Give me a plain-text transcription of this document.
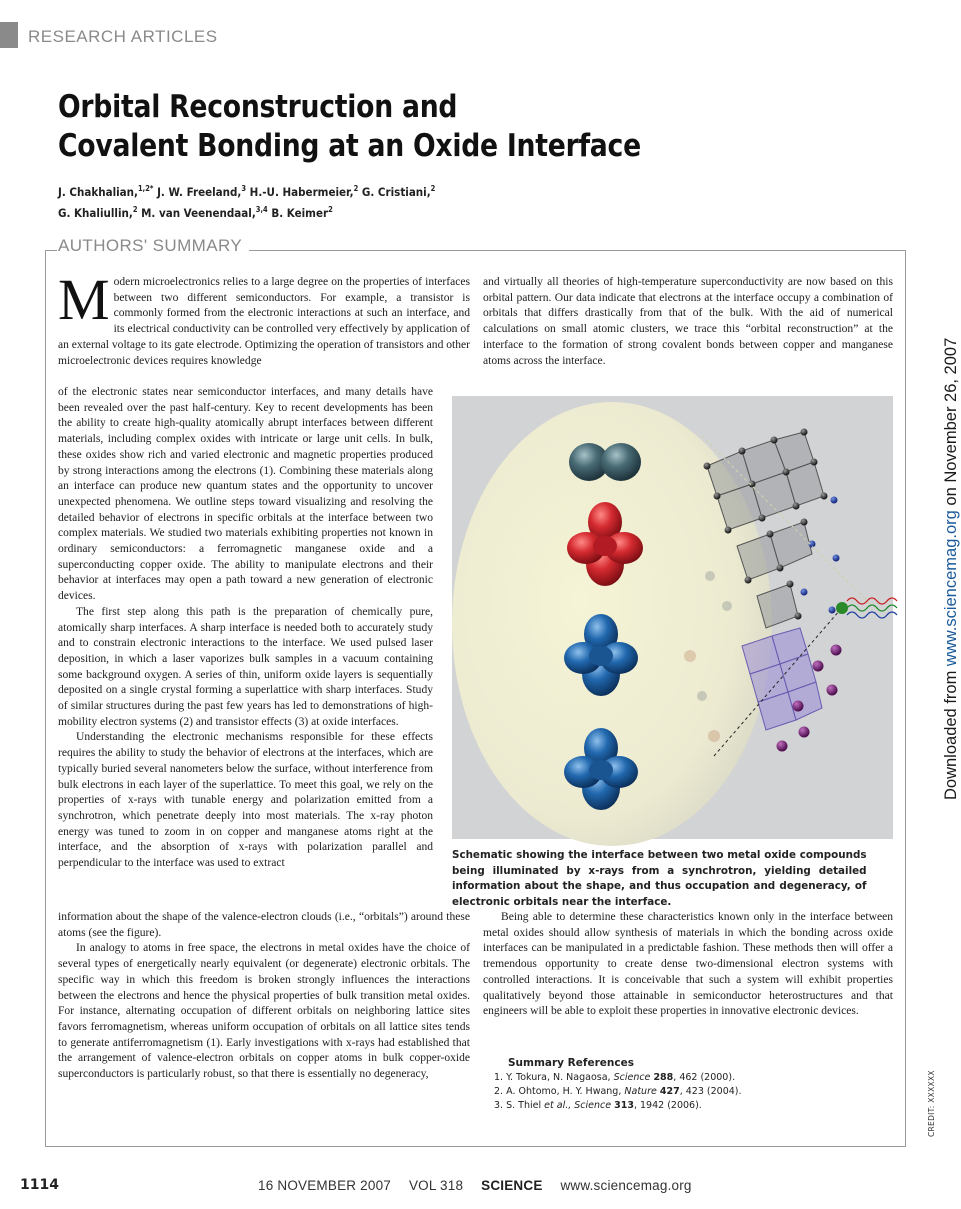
RESEARCH ARTICLES
Orbital Reconstruction and
Covalent Bonding at an Oxide Interface
J. Chakhalian,$^{1,2*}$ J. W. Freeland,$^3$ H.-U. Habermeier,$^2$ G. Cristiani,$^2$
G. Khaliullin,$^2$ M. van Veenendaal,$^{3,4}$ B. Keimer$^2$
AUTHORS' SUMMARY
Modern microelectronics relies to a large degree on the properties of interfaces between two different semiconductors. For example, a transistor is commonly formed from the electronic interactions at such an interface, and its electrical conductivity can be controlled very effectively by application of an external voltage to its gate electrode. Optimizing the operation of transistors and other microelectronic devices requires knowledge

of the electronic states near semiconductor interfaces, and many details have been revealed over the past half-century. Key to recent developments has been the ability to create high-quality atomically abrupt interfaces between different materials, including complex oxides with intricate or large unit cells. In bulk, these oxides show rich and varied electronic and magnetic properties produced by strong interactions among the electrons (1). Combining these materials along an interface can produce new quantum states and the opportunity to uncover unexpected phenomena. We outline steps toward visualizing and resolving the detailed behavior of electrons in specific orbitals at the interface between two complex materials. We studied two materials exhibiting properties not known in ordinary semiconductors: a ferromagnetic manganese oxide and a superconducting copper oxide. The ability to manipulate electrons and their behavior at interfaces may open a path toward a new generation of electronic devices.

The first step along this path is the preparation of chemically pure, atomically sharp interfaces. A sharp interface is needed both to accurately study and to constrain electronic interactions to the interface. We used pulsed laser deposition, in which a laser vaporizes bulk samples in a vacuum containing some background oxygen. A series of thin, uniform oxide layers is sequentially deposited on a single crystal forming a superlattice with sharp interfaces. Study of similar structures during the past few years has led to demonstrations of high-mobility electron systems (2) and transistor effects (3) at oxide interfaces.

Understanding the electronic mechanisms responsible for these effects requires the ability to study the behavior of electrons at the interfaces, which are typically buried several nanometers below the surface, without interference from bulk electrons in each layer of the superlattice. To meet this goal, we rely on the properties of x-rays with tunable energy and polarization emitted from a synchrotron, which penetrate deeply into most materials. The x-ray photon energy was tuned to zoom in on copper and manganese atoms right at the interface, and the absorption of x-rays with polarization parallel and perpendicular to the interface was used to extract

information about the shape of the valence-electron clouds (i.e., “orbitals”) around these atoms (see the figure).

In analogy to atoms in free space, the electrons in metal oxides have the choice of several types of energetically nearly equivalent (or degenerate) electronic orbitals. The specific way in which this freedom is broken strongly influences the interactions between the electrons and hence the physical properties of bulk transition metal oxides. For instance, alternating occupation of different orbitals on neighboring lattice sites favors ferromagnetism, whereas uniform occupation of orbitals on all lattice sites tends to generate antiferromagnetism (1). Early investigations with x-rays had established that the arrangement of valence-electron orbitals on copper atoms in bulk copper-oxide superconductors is particularly robust, so that there is essentially no degeneracy,

and virtually all theories of high-temperature superconductivity are now based on this orbital pattern. Our data indicate that electrons at the interface occupy a combination of orbitals that differs drastically from that of the bulk. With the aid of numerical calculations on small atomic clusters, we trace this “orbital reconstruction” at the interface to the formation of strong covalent bonds between copper and manganese atoms across the interface.

Schematic showing the interface between two metal oxide compounds being illuminated by x-rays from a synchrotron, yielding detailed information about the shape, and thus occupation and degeneracy, of electronic orbitals near the interface.

Being able to determine these characteristics known only in the interface between metal oxides should allow synthesis of materials in which the bonding across oxide interfaces can be manipulated in a predictable fashion. These methods then will offer a tremendous opportunity to create dense two-dimensional electron systems with controlled interactions. It is conceivable that such a system will exhibit properties qualitatively beyond those attainable in semiconductor heterostructures and that engineers will be able to exploit these properties in innovative electronic devices.

Summary References
1. Y. Tokura, N. Nagaosa, Science 288, 462 (2000).
2. A. Ohtomo, H. Y. Hwang, Nature 427, 423 (2004).
3. S. Thiel et al., Science 313, 1942 (2006).
Downloaded from www.sciencemag.org on November 26, 2007
CREDIT: XXXXXX
1114	16 NOVEMBER 2007 VOL 318 SCIENCE www.sciencemag.org
